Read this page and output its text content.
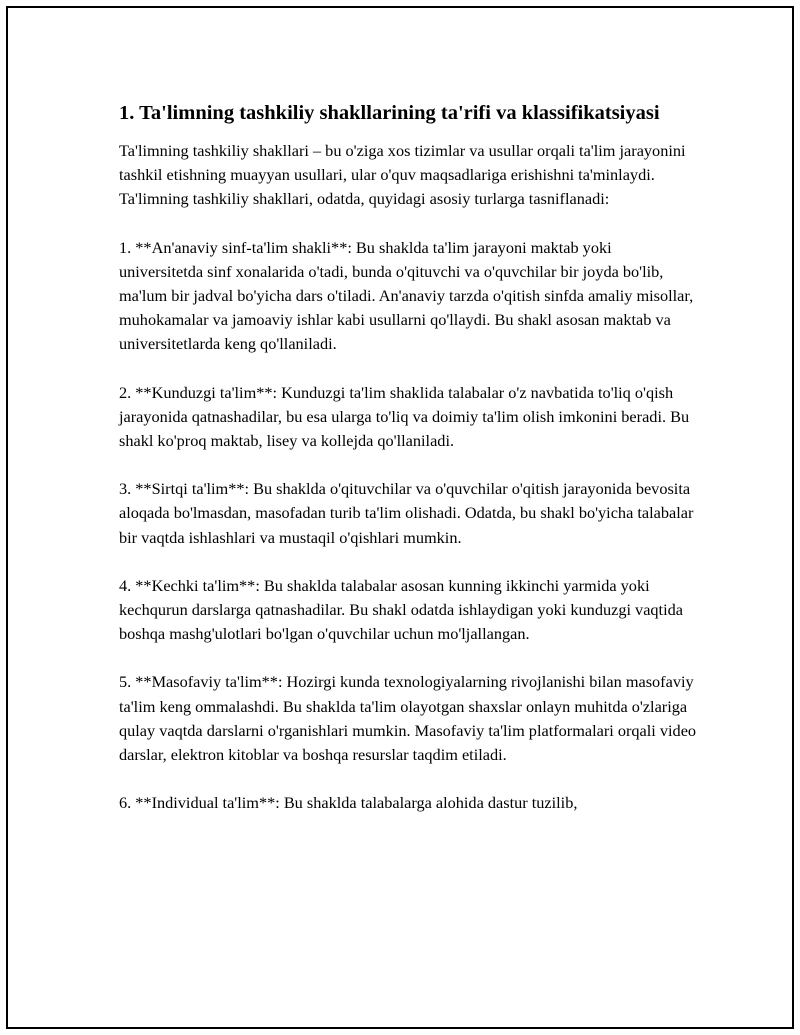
1. Ta'limning tashkiliy shakllarining ta'rifi va klassifikatsiyasi

Ta'limning tashkiliy shakllari – bu o'ziga xos tizimlar va usullar orqali ta'lim jarayonini tashkil etishning muayyan usullari, ular o'quv maqsadlariga erishishni ta'minlaydi. Ta'limning tashkiliy shakllari, odatda, quyidagi asosiy turlarga tasniflanadi:

1. **An'anaviy sinf-ta'lim shakli**: Bu shaklda ta'lim jarayoni maktab yoki universitetda sinf xonalarida o'tadi, bunda o'qituvchi va o'quvchilar bir joyda bo'lib, ma'lum bir jadval bo'yicha dars o'tiladi. An'anaviy tarzda o'qitish sinfda amaliy misollar, muhokamalar va jamoaviy ishlar kabi usullarni qo'llaydi. Bu shakl asosan maktab va universitetlarda keng qo'llaniladi.

2. **Kunduzgi ta'lim**: Kunduzgi ta'lim shaklida talabalar o'z navbatida to'liq o'qish jarayonida qatnashadilar, bu esa ularga to'liq va doimiy ta'lim olish imkonini beradi. Bu shakl ko'proq maktab, lisey va kollejda qo'llaniladi.

3. **Sirtqi ta'lim**: Bu shaklda o'qituvchilar va o'quvchilar o'qitish jarayonida bevosita aloqada bo'lmasdan, masofadan turib ta'lim olishadi. Odatda, bu shakl bo'yicha talabalar bir vaqtda ishlashlari va mustaqil o'qishlari mumkin.

4. **Kechki ta'lim**: Bu shaklda talabalar asosan kunning ikkinchi yarmida yoki kechqurun darslarga qatnashadilar. Bu shakl odatda ishlaydigan yoki kunduzgi vaqtida boshqa mashg'ulotlari bo'lgan o'quvchilar uchun mo'ljallangan.

5. **Masofaviy ta'lim**: Hozirgi kunda texnologiyalarning rivojlanishi bilan masofaviy ta'lim keng ommalashdi. Bu shaklda ta'lim olayotgan shaxslar onlayn muhitda o'zlariga qulay vaqtda darslarni o'rganishlari mumkin. Masofaviy ta'lim platformalari orqali video darslar, elektron kitoblar va boshqa resurslar taqdim etiladi.

6. **Individual ta'lim**: Bu shaklda talabalarga alohida dastur tuzilib,
